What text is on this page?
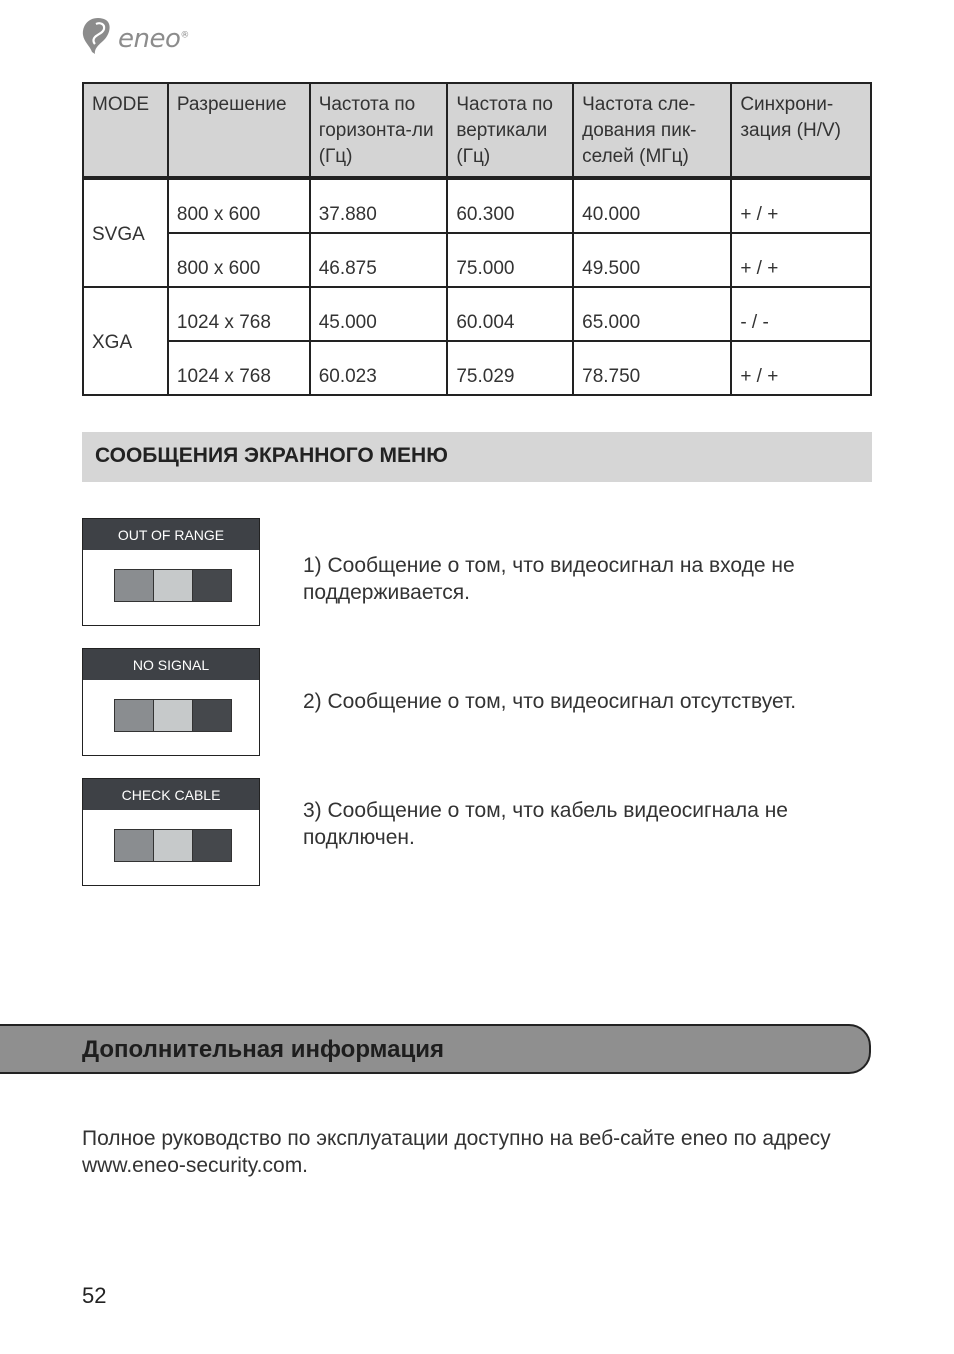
eneo®
MODE	Разрешение	Частота по горизонта-ли (Гц)	Частота по вертикали (Гц)	Частота сле-дования пик-селей (МГц)	Синхрони-зация (H/V)
SVGA	800 x 600	37.880	60.300	40.000	+ / +
	800 x 600	46.875	75.000	49.500	+ / +
XGA	1024 x 768	45.000	60.004	65.000	- / -
	1024 x 768	60.023	75.029	78.750	+ / +
СООБЩЕНИЯ ЭКРАННОГО МЕНЮ
OUT OF RANGE
1) Сообщение о том, что видеосигнал на входе не поддерживается.
NO SIGNAL
2) Сообщение о том, что видеосигнал отсутствует.
CHECK CABLE
3) Сообщение о том, что кабель видеосигнала не подключен.
Дополнительная информация
Полное руководство по эксплуатации доступно на веб-сайте eneo по адресу www.eneo-security.com.
52
